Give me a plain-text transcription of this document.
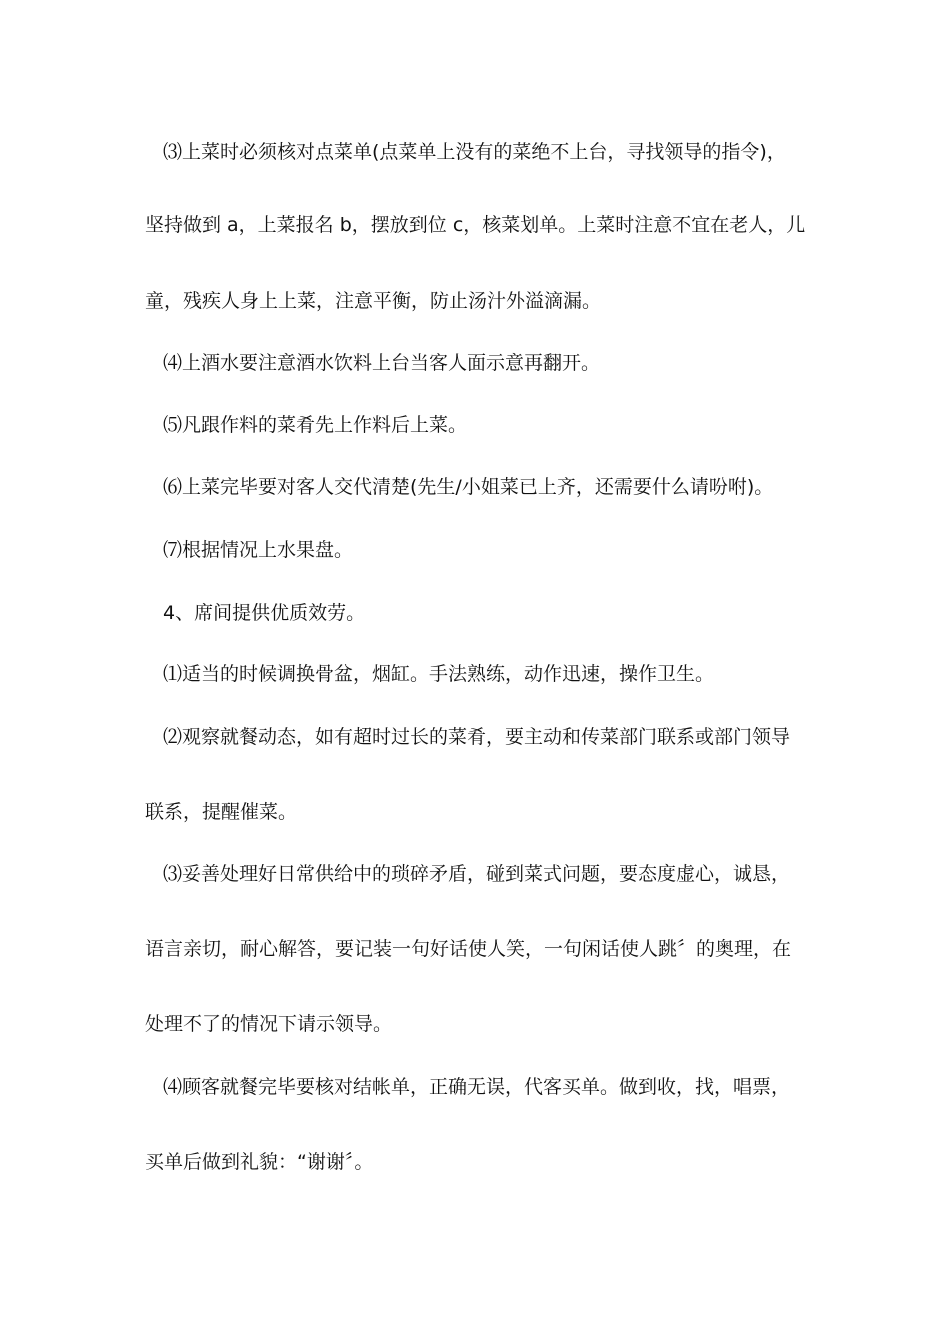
⑶上菜时必须核对点菜单(点菜单上没有的菜绝不上台，寻找领导的指令)，
坚持做到 a，上菜报名 b，摆放到位 c，核菜划单。上菜时注意不宜在老人，儿
童，残疾人身上上菜，注意平衡，防止汤汁外溢滴漏。
⑷上酒水要注意酒水饮料上台当客人面示意再翻开。
⑸凡跟作料的菜肴先上作料后上菜。
⑹上菜完毕要对客人交代清楚(先生/小姐菜已上齐，还需要什么请吩咐)。
⑺根据情况上水果盘。
4、席间提供优质效劳。
⑴适当的时候调换骨盆，烟缸。手法熟练，动作迅速，操作卫生。
⑵观察就餐动态，如有超时过长的菜肴，要主动和传菜部门联系或部门领导
联系，提醒催菜。
⑶妥善处理好日常供给中的琐碎矛盾，碰到菜式问题，要态度虚心，诚恳，
语言亲切，耐心解答，要记装一句好话使人笑，一句闲话使人跳〞的奥理，在
处理不了的情况下请示领导。
⑷顾客就餐完毕要核对结帐单，正确无误，代客买单。做到收，找，唱票，
买单后做到礼貌：“谢谢〞。
